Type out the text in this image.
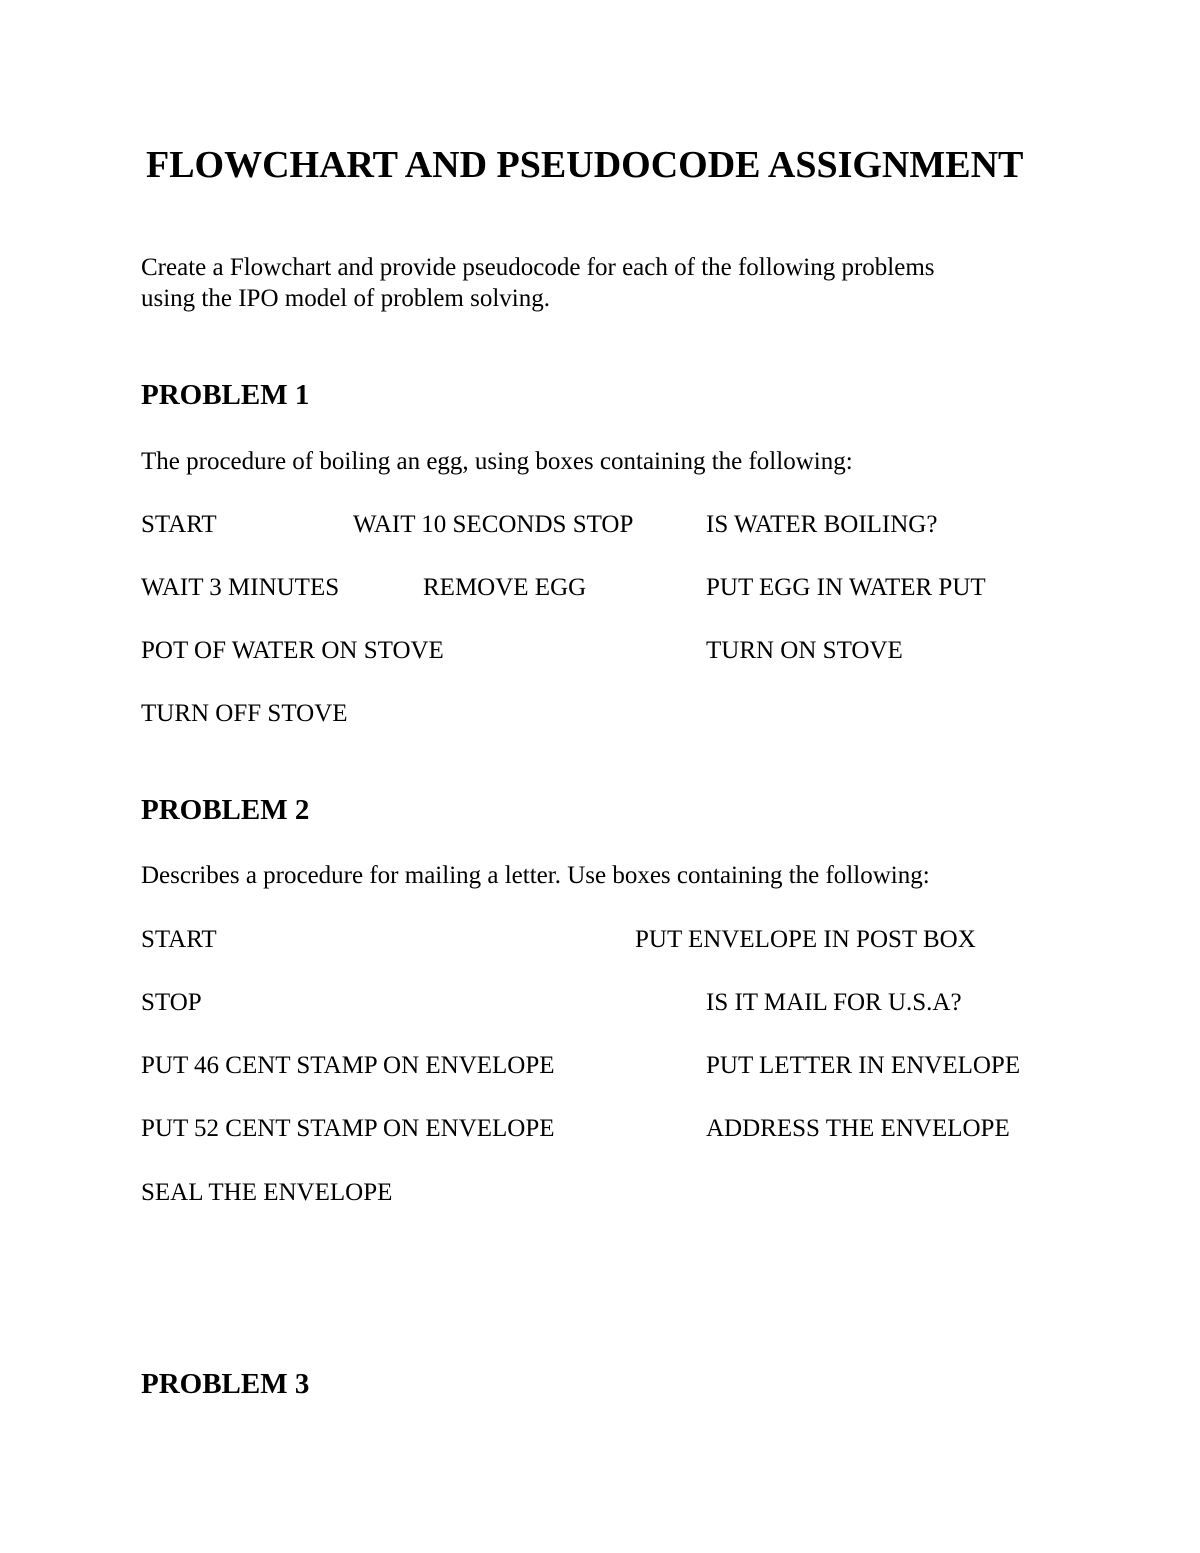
FLOWCHART AND PSEUDOCODE ASSIGNMENT
Create a Flowchart and provide pseudocode for each of the following problems
using the IPO model of problem solving.
PROBLEM 1
The procedure of boiling an egg, using boxes containing the following:
START	WAIT 10 SECONDS STOP	IS WATER BOILING?
WAIT 3 MINUTES	REMOVE EGG	PUT EGG IN WATER PUT
POT OF WATER ON STOVE	TURN ON STOVE
TURN OFF STOVE
PROBLEM 2
Describes a procedure for mailing a letter. Use boxes containing the following:
START	PUT ENVELOPE IN POST BOX
STOP	IS IT MAIL FOR U.S.A?
PUT 46 CENT STAMP ON ENVELOPE	PUT LETTER IN ENVELOPE
PUT 52 CENT STAMP ON ENVELOPE	ADDRESS THE ENVELOPE
SEAL THE ENVELOPE
PROBLEM 3
